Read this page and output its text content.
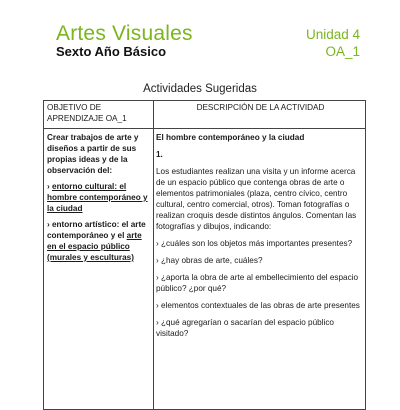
Artes Visuales	Unidad 4
Sexto Año Básico	OA_1
Actividades Sugeridas
OBJETIVO DE APRENDIZAJE OA_1
DESCRIPCIÓN DE LA ACTIVIDAD

Crear trabajos de arte y diseños a partir de sus propias ideas y de la observación del:

› entorno cultural: el hombre contemporáneo y la ciudad

› entorno artístico: el arte contemporáneo y el arte en el espacio público (murales y esculturas)

El hombre contemporáneo y la ciudad

1.

Los estudiantes realizan una visita y un informe acerca de un espacio público que contenga obras de arte o elementos patrimoniales (plaza, centro cívico, centro cultural, centro comercial, otros). Toman fotografías o realizan croquis desde distintos ángulos. Comentan las fotografías y dibujos, indicando:

› ¿cuáles son los objetos más importantes presentes?

› ¿hay obras de arte, cuáles?

› ¿aporta la obra de arte al embellecimiento del espacio público? ¿por qué?

› elementos contextuales de las obras de arte presentes

› ¿qué agregarían o sacarían del espacio público visitado?
